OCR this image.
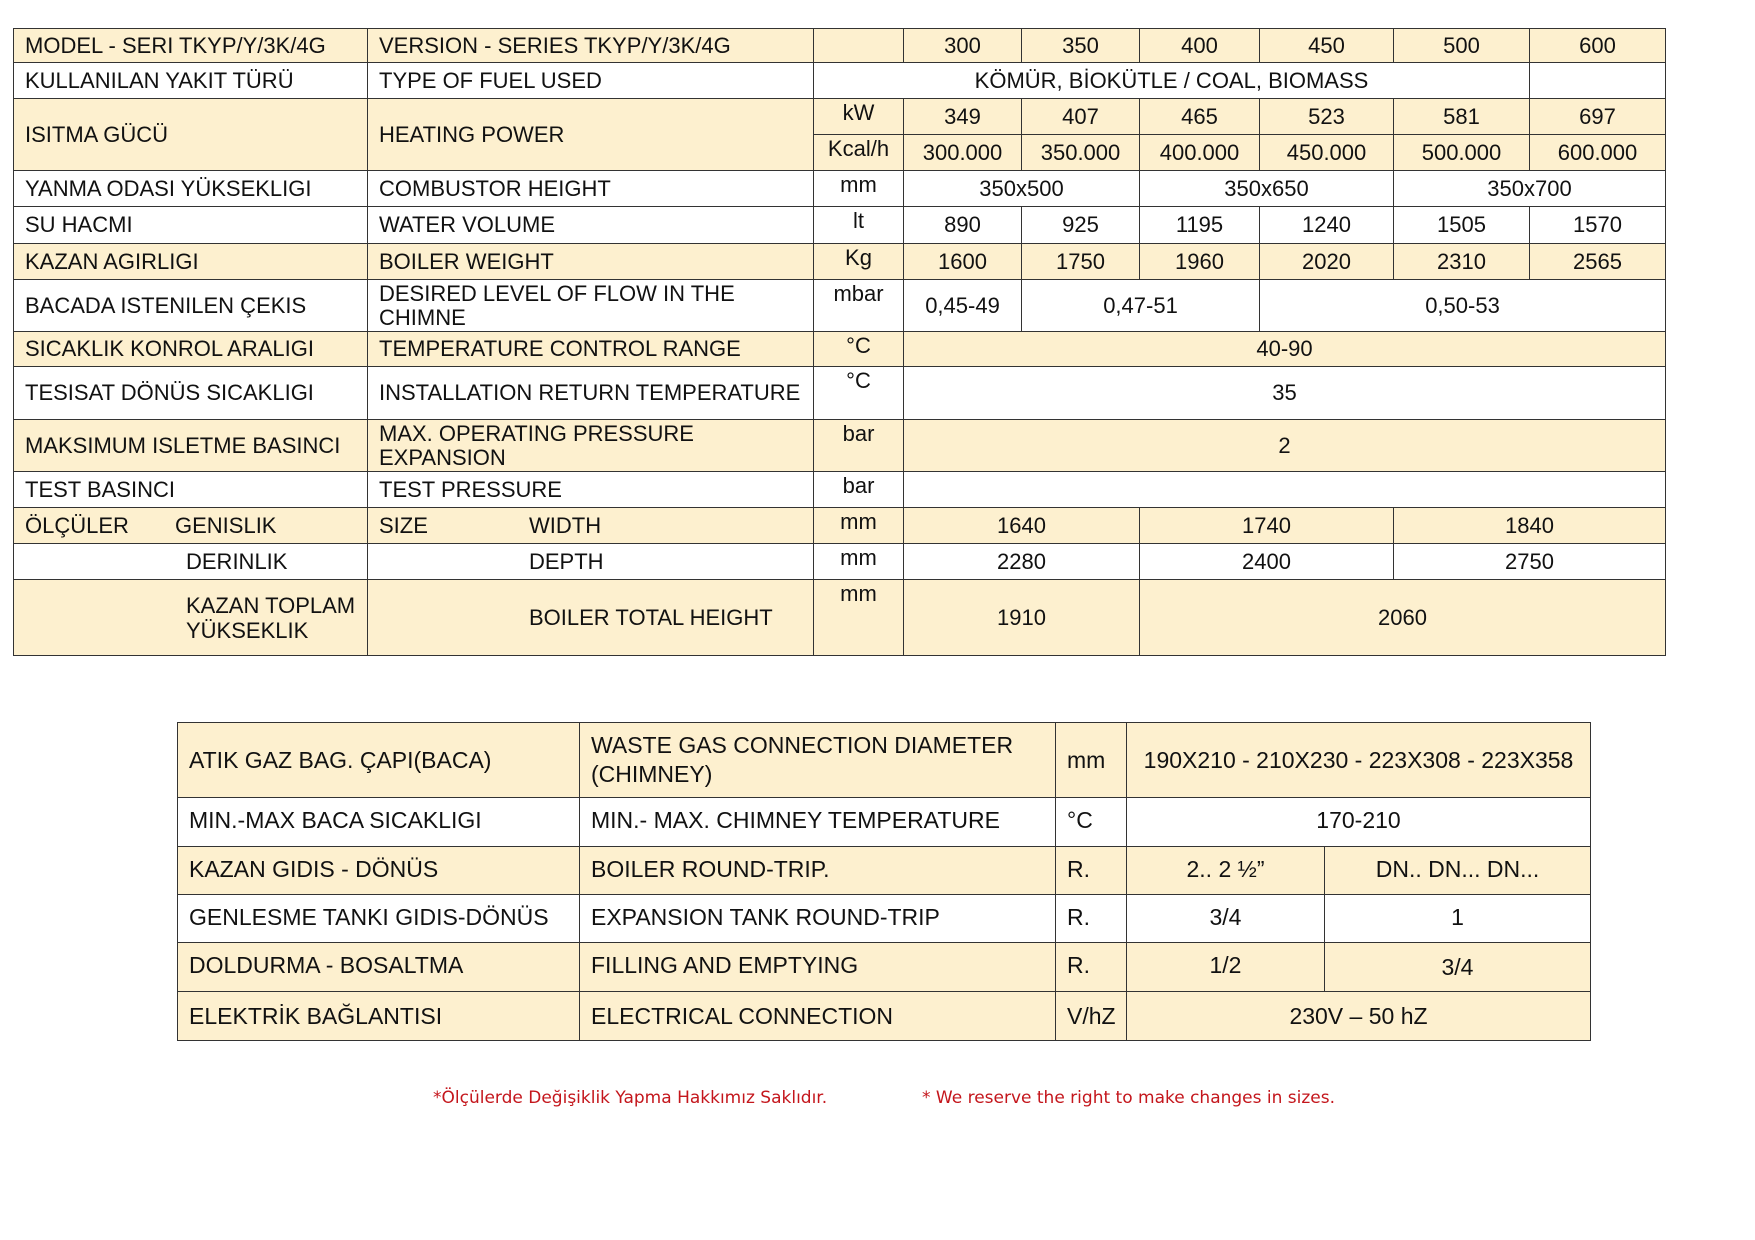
MODEL - SERI TKYP/Y/3K/4G	VERSION - SERIES TKYP/Y/3K/4G		300	350	400	450	500	600
KULLANILAN YAKIT TÜRÜ	TYPE OF FUEL USED	KÖMÜR, BİOKÜTLE / COAL, BIOMASS						
ISITMA GÜCÜ	HEATING POWER	kW	349	407	465	523	581	697
		Kcal/h	300.000	350.000	400.000	450.000	500.000	600.000
YANMA ODASI YÜKSEKLIGI	COMBUSTOR HEIGHT	mm	350x500		350x650		350x700	
SU HACMI	WATER VOLUME	lt	890	925	1195	1240	1505	1570
KAZAN AGIRLIGI	BOILER WEIGHT	Kg	1600	1750	1960	2020	2310	2565
BACADA ISTENILEN ÇEKIS	DESIRED LEVEL OF FLOW IN THE CHIMNE	mbar	0,45-49	0,47-51		0,50-53		
SICAKLIK KONROL ARALIGI	TEMPERATURE CONTROL RANGE	°C	40-90					
TESISAT DÖNÜS SICAKLIGI	INSTALLATION RETURN TEMPERATURE	°C	35					
MAKSIMUM ISLETME BASINCI	MAX. OPERATING PRESSURE EXPANSION	bar	2					
TEST BASINCI	TEST PRESSURE	bar						
ÖLÇÜLER GENISLIK	SIZE WIDTH	mm	1640		1740		1840	
DERINLIK	DEPTH	mm	2280		2400		2750	
KAZAN TOPLAM YÜKSEKLIK	BOILER TOTAL HEIGHT	mm	1910		2060			
ATIK GAZ BAG. ÇAPI(BACA)	WASTE GAS CONNECTION DIAMETER (CHIMNEY)	mm	190X210 - 210X230 - 223X308 - 223X358	
MIN.-MAX BACA SICAKLIGI	MIN.- MAX. CHIMNEY TEMPERATURE	°C	170-210	
KAZAN GIDIS - DÖNÜS	BOILER ROUND-TRIP.	R.	2.. 2 ½”	DN.. DN... DN...
GENLESME TANKI GIDIS-DÖNÜS	EXPANSION TANK ROUND-TRIP	R.	3/4	1
DOLDURMA - BOSALTMA	FILLING AND EMPTYING	R.	1/2	3/4
ELEKTRİK BAĞLANTISI	ELECTRICAL CONNECTION	V/hZ	230V – 50 hZ	
*Ölçülerde Değişiklik Yapma Hakkımız Saklıdır.	* We reserve the right to make changes in sizes.
